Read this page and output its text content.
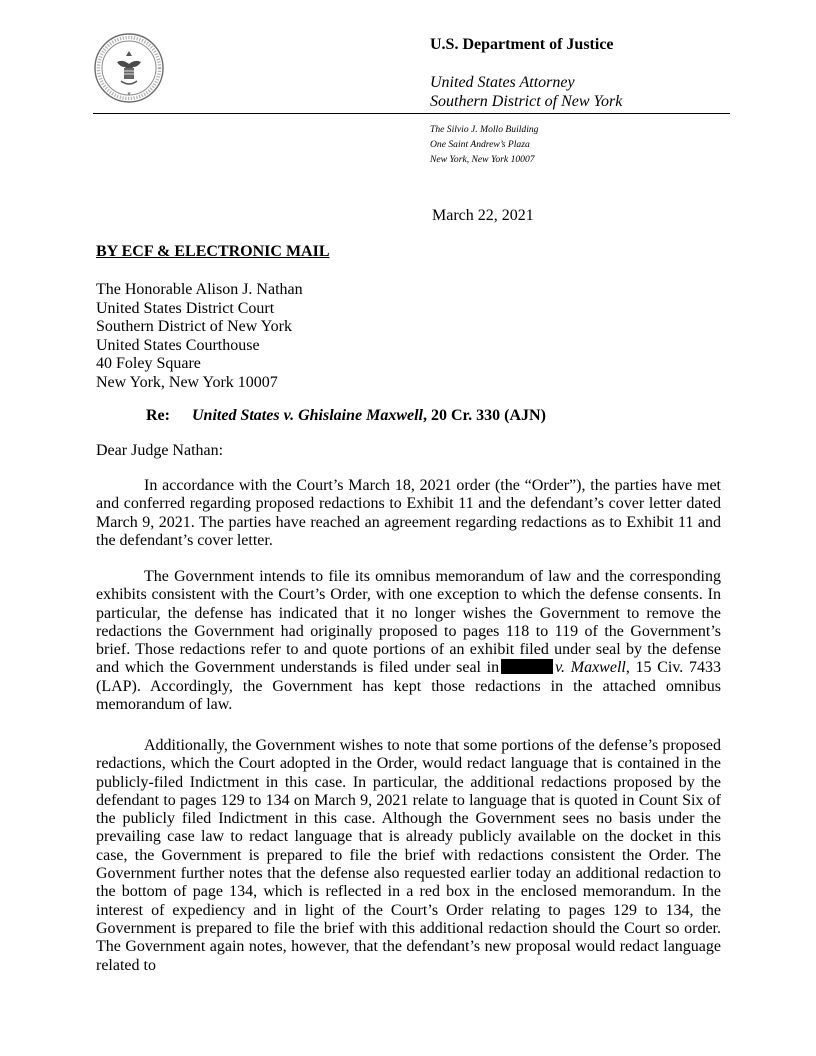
★
U.S. Department of Justice
United States Attorney
Southern District of New York
The Silvio J. Mollo Building
One Saint Andrew’s Plaza
New York, New York 10007
March 22, 2021
BY ECF & ELECTRONIC MAIL
The Honorable Alison J. Nathan
United States District Court
Southern District of New York
United States Courthouse
40 Foley Square
New York, New York 10007
Re: United States v. Ghislaine Maxwell, 20 Cr. 330 (AJN)
Dear Judge Nathan:

In accordance with the Court’s March 18, 2021 order (the “Order”), the parties have met and conferred regarding proposed redactions to Exhibit 11 and the defendant’s cover letter dated March 9, 2021. The parties have reached an agreement regarding redactions as to Exhibit 11 and the defendant’s cover letter.

The Government intends to file its omnibus memorandum of law and the corresponding exhibits consistent with the Court’s Order, with one exception to which the defense consents. In particular, the defense has indicated that it no longer wishes the Government to remove the redactions the Government had originally proposed to pages 118 to 119 of the Government’s brief. Those redactions refer to and quote portions of an exhibit filed under seal by the defense and which the Government understands is filed under seal in	v. Maxwell, 15 Civ. 7433 (LAP). Accordingly, the Government has kept those redactions in the attached omnibus memorandum of law.

Additionally, the Government wishes to note that some portions of the defense’s proposed redactions, which the Court adopted in the Order, would redact language that is contained in the publicly-filed Indictment in this case. In particular, the additional redactions proposed by the defendant to pages 129 to 134 on March 9, 2021 relate to language that is quoted in Count Six of the publicly filed Indictment in this case. Although the Government sees no basis under the prevailing case law to redact language that is already publicly available on the docket in this case, the Government is prepared to file the brief with redactions consistent the Order. The Government further notes that the defense also requested earlier today an additional redaction to the bottom of page 134, which is reflected in a red box in the enclosed memorandum. In the interest of expediency and in light of the Court’s Order relating to pages 129 to 134, the Government is prepared to file the brief with this additional redaction should the Court so order. The Government again notes, however, that the defendant’s new proposal would redact language related to
